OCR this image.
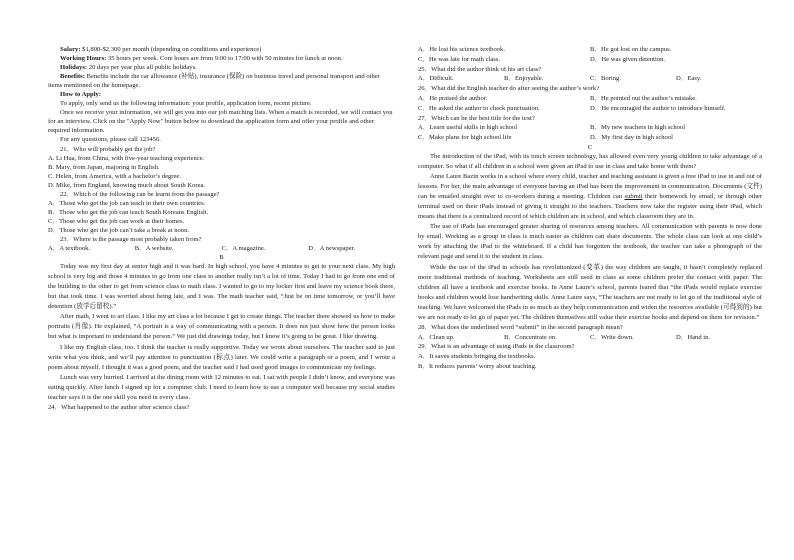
Salary: $1,800-$2,300 per month (depending on conditions and experience)

Working Hours: 35 hours per week. Core hours are from 9:00 to 17:00 with 50 minutes for lunch at noon.

Holidays: 20 days per year plus all public holidays.

Benefits: Benefits include the car allowance (补贴), insurance (保险) on business travel and personal transport and other items mentioned on the homepage.

How to Apply:

To apply, only send us the following information: your profile, application form, recent picture.

Once we receive your information, we will get you into our job matching lists. When a match is recorded, we will contact you for an interview. Click on the "Apply Now" button below to download the application form and offer your profile and other required information.

For any questions, please call 123456.

21．Who will probably get the job?

A. Li Hua, from China, with five-year teaching experience.

B. Mary, from Japan, majoring in English.

C. Helen, from America, with a bachelor’s degree.

D. Mike, from England, knowing much about South Korea.

22．Which of the following can be learnt from the passage?

A．Those who get the job can teach in their own countries.

B．Those who get the job can teach South Koreans English.

C．Those who get the job can work at their homes.

D．Those who get the job can’t take a break at noon.

23．Where is the passage most probably taken from?

A．A textbook.	B．A website.	C．A magazine.	D．A newspaper.

B

Today was my first day at senior high and it was hard. In high school, you have 4 minutes to get to your next class. My high school is very big and those 4 minutes to go from one class to another really isn’t a lot of time. Today I had to go from one end of the building to the other to get from science class to math class. I wanted to go to my locker first and leave my science book there, but that took time. I was worried about being late, and I was. The math teacher said, “Just be on time tomorrow, or you’ll have detention (放学后留校).”

After math, I went to art class. I like my art class a lot because I get to create things. The teacher there showed us how to make portraits (肖像). He explained, “A portrait is a way of communicating with a person. It does not just show how the person looks but what is important to understand the person.” We just did drawings today, but I know it’s going to be great. I like drawing.

I like my English class, too. I think the teacher is really supportive. Today we wrote about ourselves. The teacher said to just write what you think, and we’ll pay attention to punctuation (标点) later. We could write a paragraph or a poem, and I wrote a poem about myself. I thought it was a good poem, and the teacher said I had used good images to communicate my feelings.

Lunch was very hurried. I arrived at the dining room with 12 minutes to eat. I sat with people I didn’t know, and everyone was eating quickly. After lunch I signed up for a computer club. I need to learn how to use a computer well because my social studies teacher says it is the one skill you need in every class.

24．What happened to the author after science class?

A．He lost his science textbook.	B．He got lost on the campus.

C．He was late for math class.	D．He was given detention.

25．What did the author think of his art class?

A．Difficult.	B．Enjoyable.	C．Boring.	D．Easy.

26．What did the English teacher do after seeing the author’s work?

A．He praised the author.	B．He pointed out the author’s mistake.

C．He asked the author to check punctuation.	D．He encouraged the author to introduce himself.

27．Which can be the best title for the text?

A．Learn useful skills in high school	B．My new teachers in high school

C．Make plans for high school life	D．My first day in high school

C

The introduction of the iPad, with its touch screen technology, has allowed even very young children to take advantage of a computer. So what if all children in a school were given an iPad to use in class and take home with them?

Anne Laure Bazin works in a school where every child, teacher and teaching assistant is given a free iPad to use in and out of lessons. For her, the main advantage of everyone having an iPad has been the improvement in communication. Documents (文件) can be emailed straight over to co-workers during a meeting. Children can submit their homework by email, or through other terminal used on their iPads instead of giving it straight to the teachers. Teachers now take the register using their iPad, which means that there is a centralized record of which children are in school, and which classroom they are in.

The use of iPads has encouraged greater sharing of resources among teachers. All communication with parents is now done by email. Working as a group in class is much easier as children can share documents. The whole class can look at one child’s work by attaching the iPad to the whiteboard. If a child has forgotten the textbook, the teacher can take a photograph of the relevant page and send it to the student in class.

While the use of the iPad in schools has revolutionized (变革) the way children are taught, it hasn’t completely replaced more traditional methods of teaching. Worksheets are still used in class as some children prefer the contact with paper. The children all have a textbook and exercise books. In Anne Laure’s school, parents feared that “the iPads would replace exercise books and children would lose handwriting skills. Anne Laure says, “The teachers are not ready to let go of the traditional style of teaching. We have welcomed the iPads in so much as they help communication and widen the resources available (可得到的) but we are not ready to let go of paper yet. The children themselves still value their exercise books and depend on them for revision.”

28．What does the underlined word “submit” in the second paragraph mean?

A．Clean up.	B．Concentrate on.	C．Write down.	D．Hand in.

29．What is an advantage of using iPads in the classroom?

A．It saves students bringing the textbooks.

B．It reduces parents’ worry about teaching.
